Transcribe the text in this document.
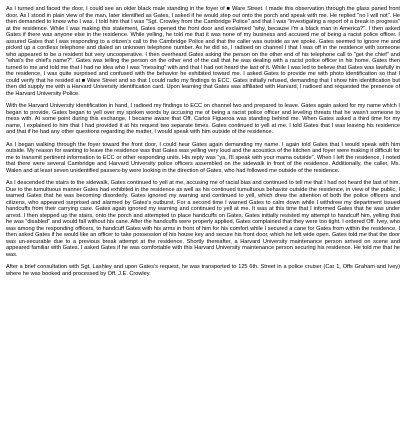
As I turned and faced the door, I could see an older black male standing in the foyer of ■ Ware Street. I made this observation through the glass paned front door. As I stood in plain view of the man, later identified as Gates, I asked if he would step out onto the porch and speak with me. He replied "no I will not". He then demanded to know who I was. I told him that I was "Sgt. Crowley from the Cambridge Police" and that I was "investigating a report of a break in progress" at the residence. While I was making this statement, Gates opened the front door and exclaimed "why, because I'm a black man in America?". I then asked Gates if there was anyone else in the residence. While yelling, he told me that it was none of my business and accused me of being a racist police officer. I assured Gates that I was responding to a citizen's call to the Cambridge Police and that the caller was outside as we spoke. Gates seemed to ignore me and picked up a cordless telephone and dialed an unknown telephone number. As he did so, I radioed on channel I that I was off in the residence with someone who appeared to be a resident but very uncooperative. I then overheard Gates asking the person on the other end of his telephone call to "get the chief" and "what's the chief's name?". Gates was telling the person on the other end of the call that he was dealing with a racist police officer in his home. Gates then turned to me and told me that I had no idea who I was "messing" with and that I had not heard the last of it. While I was led to believe that Gates was lawfully in the residence, I was quite surprised and confused with the behavior he exhibited toward me. I asked Gates to provide me with photo identification so that I could verify that he resided at ■ Ware Street and so that I could radio my findings to ECC. Gates initially refused, demanding that I show him identification but then did supply me with a Harvard University identification card. Upon learning that Gates was affiliated with Harvard, I radioed and requested the presence of the Harvard University Police.

With the Harvard University identification in hand, I radioed my findings to ECC on channel two and prepared to leave. Gates again asked for my name which I began to provide. Gates began to yell over my spoken words by accusing me of being a racist police officer and leveling threats that he wasn't someone to mess with. At some point during this exchange, I became aware that Off. Carlos Figueroa was standing behind me. When Gates asked a third time for my name, I explained to him that I had provided it at his request two separate times. Gates continued to yell at me. I told Gates that I was leaving his residence and that if he had any other questions regarding the matter, I would speak with him outside of the residence.

As I began walking through the foyer toward the front door, I could hear Gates again demanding my name. I again told Gates that I would speak with him outside. My reason for wanting to leave the residence was that Gates was yelling very loud and the acoustics of the kitchen and foyer were making it difficult for me to transmit pertinent information to ECC or other responding units. His reply was "ya, I'll speak with your mama outside". When I left the residence, I noted that there were several Cambridge and Harvard University police officers assembled on the sidewalk in front of the residence. Additionally, the caller, Ms. Walen and at least seven unidentified passers-by were looking in the direction of Gates, who had followed me outside of the residence.

As I descended the stairs to the sidewalk, Gates continued to yell at me, accusing me of racial bias and continued to tell me that I had not heard the last of him. Due to the tumultuous manner Gates had exhibited in the residence as well as his continued tumultuous behavior outside the residence, in view of the public, I warned Gates that he was becoming disorderly. Gates ignored my warning and continued to yell, which drew the attention of both the police officers and citizens, who appeared surprised and alarmed by Gates's outburst. For a second time I warned Gates to calm down while I withdrew my department issued handcuffs from their carrying case. Gates again ignored my warning and continued to yell at me. It was at this time that I informed Gates that he was under arrest. I then stepped up the stairs, onto the porch and attempted to place handcuffs on Gates. Gates initially resisted my attempt to handcuff him, yelling that he was "disabled" and would fall without his cane. After the handcuffs were properly applied, Gates complained that they were too tight. I ordered Off. Ivey, who was among the responding officers, to handcuff Gates with his arms in front of him for his comfort while I secured a cane for Gates from within the residence. I then asked Gates if he would like an officer to take possession of his house key and secure his front door, which he left wide open. Gates told me that the door was un-securable due to a previous break attempt at the residence. Shortly thereafter, a Harvard University maintenance person arrived on scene and appeared familiar with Gates. I asked Gates if he was comfortable with this Harvard University maintenance person securing his residence. He told me that he was.

After a brief consultation with Sgt. Lashley and upon Gates's request, he was transported to 125 6th. Street in a police cruiser (Car 1, Offs Graham and Ivey) where he was booked and processed by Off. J.E. Crowley.
